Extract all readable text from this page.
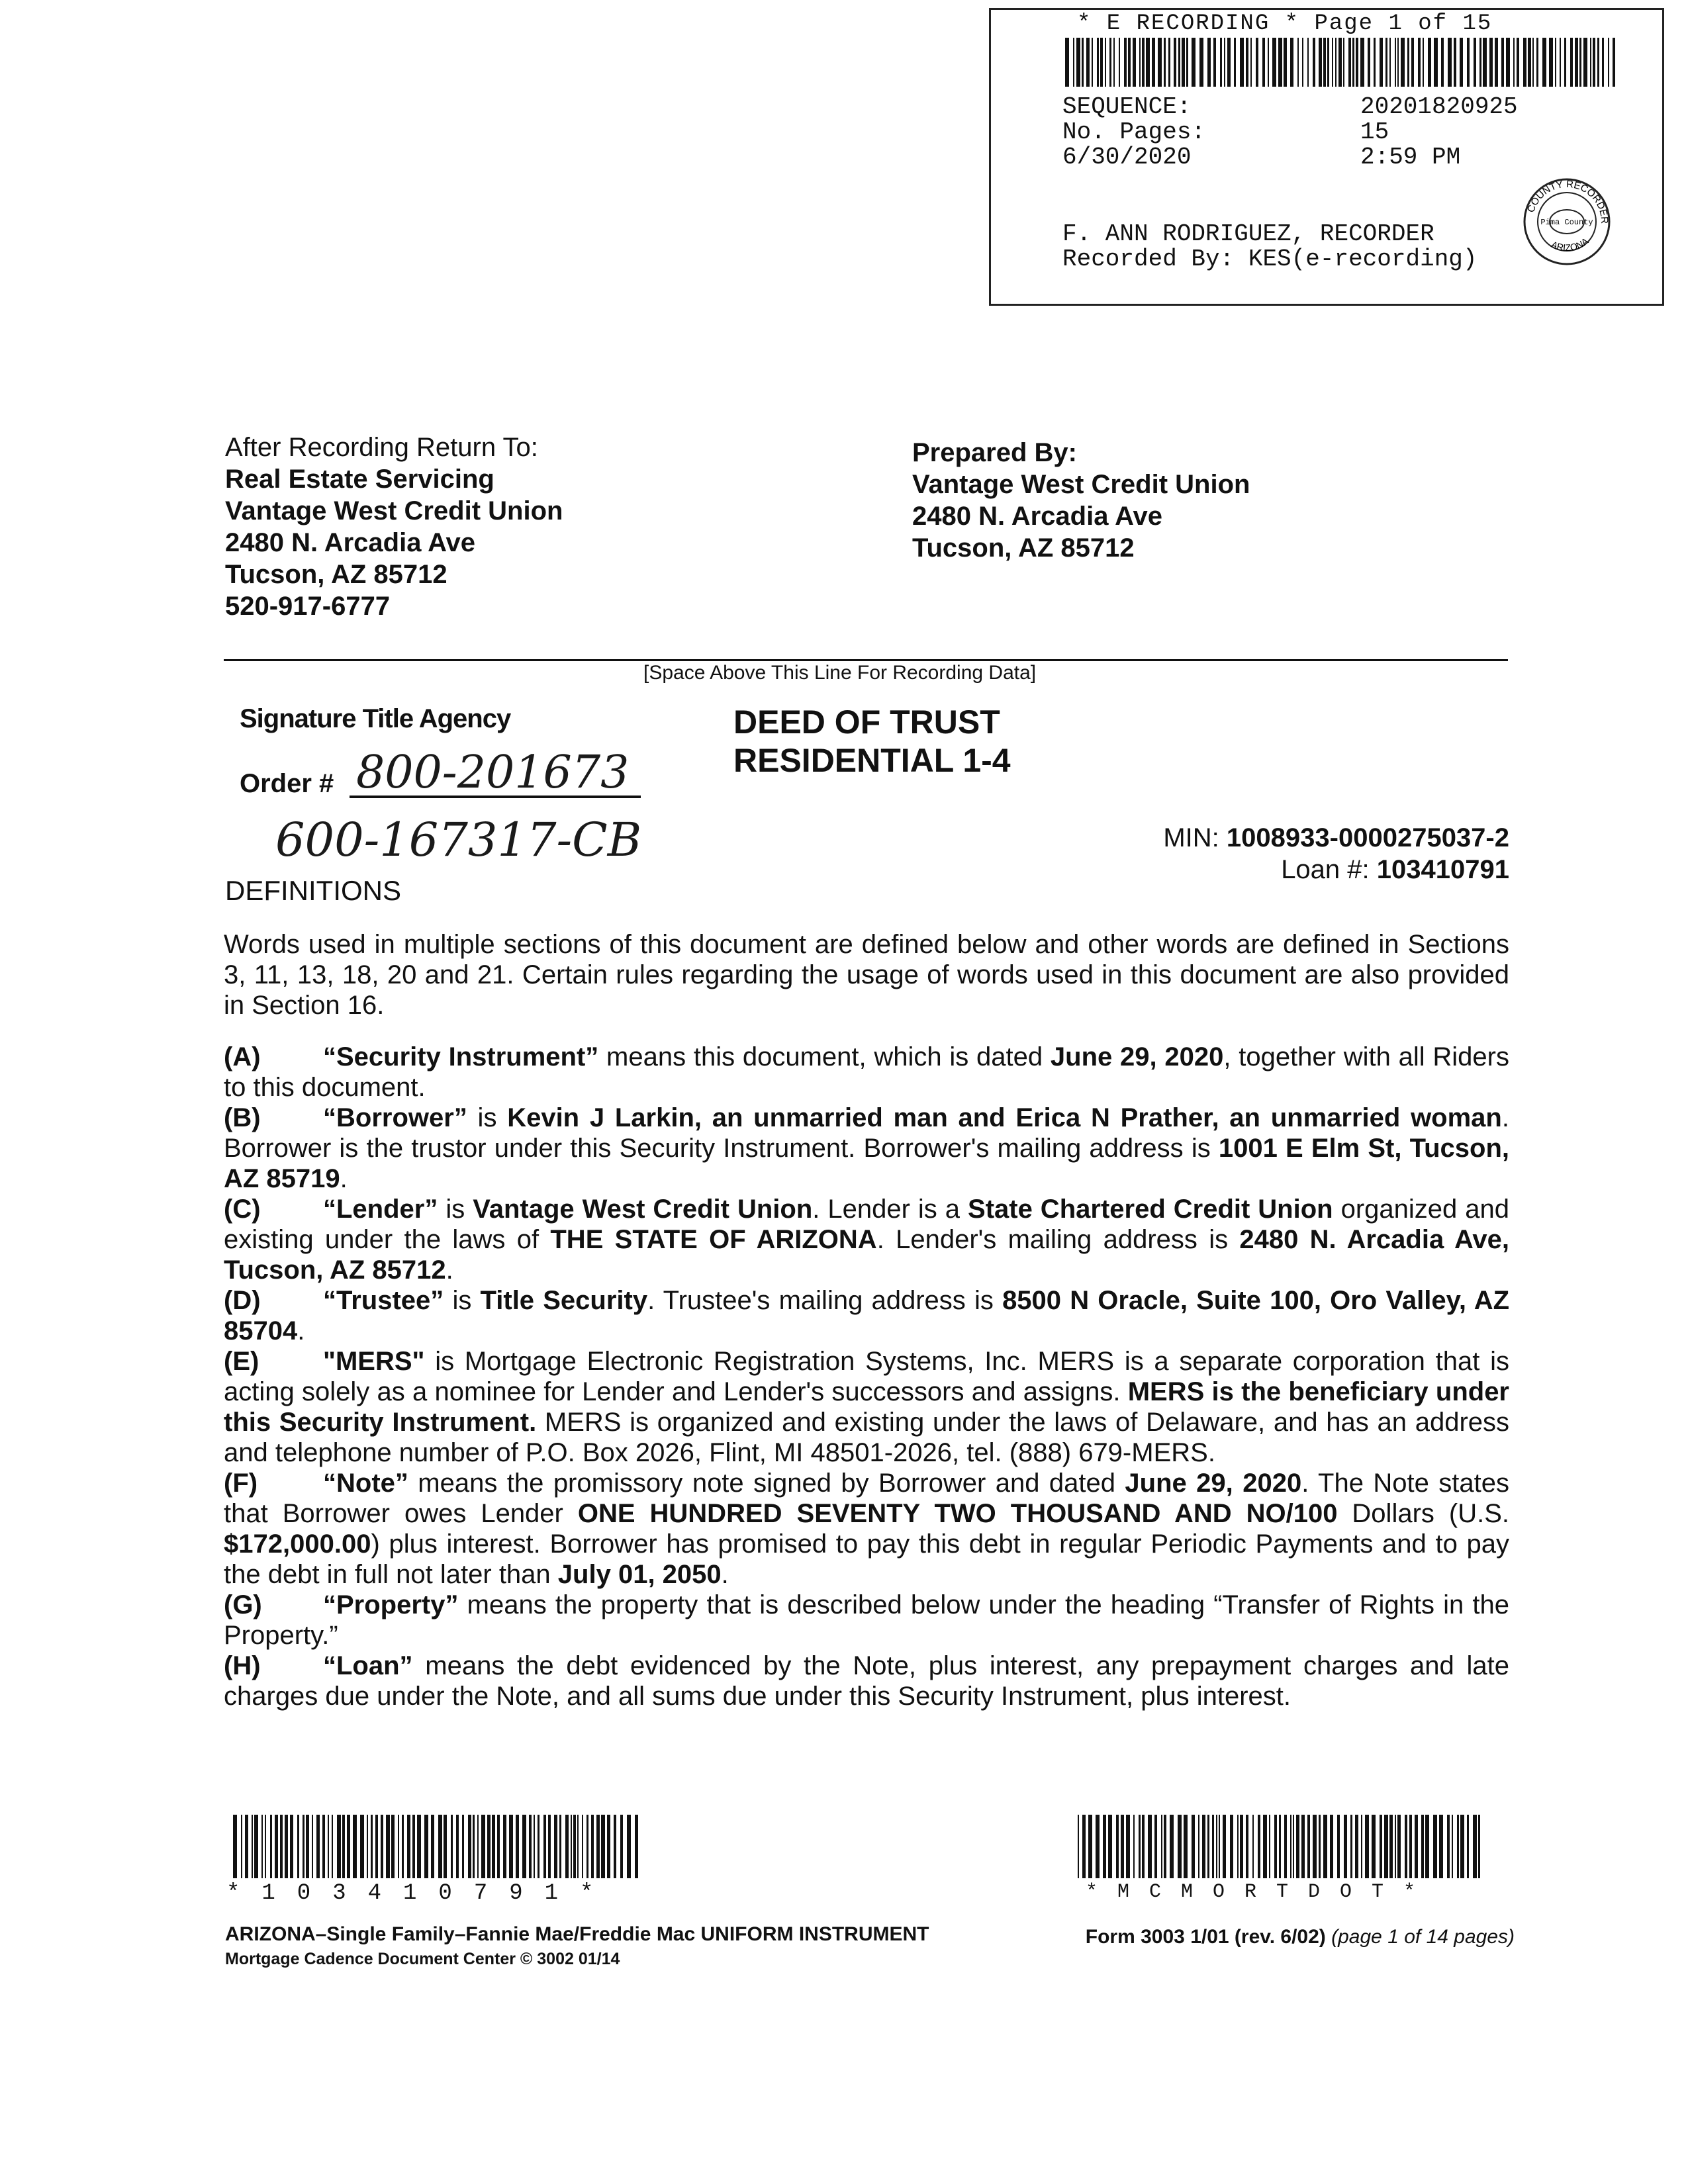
* E RECORDING * Page 1 of 15
SEQUENCE:	20201820925
No. Pages:	15
6/30/2020	2:59 PM
F. ANN RODRIGUEZ, RECORDER
Recorded By: KES(e-recording)
COUNTY RECORDER
ARIZONA
Pima County
After Recording Return To:
Real Estate Servicing
Vantage West Credit Union
2480 N. Arcadia Ave
Tucson, AZ 85712
520-917-6777
Prepared By:
Vantage West Credit Union
2480 N. Arcadia Ave
Tucson, AZ 85712
[Space Above This Line For Recording Data]
Signature Title Agency
Order # 800-201673
600-167317-CB
DEED OF TRUST
RESIDENTIAL 1-4
MIN: 1008933-0000275037-2
Loan #: 103410791
DEFINITIONS
Words used in multiple sections of this document are defined below and other words are defined in Sections 3, 11, 13, 18, 20 and 21. Certain rules regarding the usage of words used in this document are also provided in Section 16.

(A) “Security Instrument” means this document, which is dated June 29, 2020, together with all Riders to this document.

(B) “Borrower” is Kevin J Larkin, an unmarried man and Erica N Prather, an unmarried woman. Borrower is the trustor under this Security Instrument. Borrower's mailing address is 1001 E Elm St, Tucson, AZ 85719.

(C) “Lender” is Vantage West Credit Union. Lender is a State Chartered Credit Union organized and existing under the laws of THE STATE OF ARIZONA. Lender's mailing address is 2480 N. Arcadia Ave, Tucson, AZ 85712.

(D) “Trustee” is Title Security. Trustee's mailing address is 8500 N Oracle, Suite 100, Oro Valley, AZ 85704.

(E) "MERS" is Mortgage Electronic Registration Systems, Inc. MERS is a separate corporation that is acting solely as a nominee for Lender and Lender's successors and assigns. MERS is the beneficiary under this Security Instrument. MERS is organized and existing under the laws of Delaware, and has an address and telephone number of P.O. Box 2026, Flint, MI 48501-2026, tel. (888) 679-MERS.

(F) “Note” means the promissory note signed by Borrower and dated June 29, 2020. The Note states that Borrower owes Lender ONE HUNDRED SEVENTY TWO THOUSAND AND NO/100 Dollars (U.S. $172,000.00) plus interest. Borrower has promised to pay this debt in regular Periodic Payments and to pay the debt in full not later than July 01, 2050.

(G) “Property” means the property that is described below under the heading “Transfer of Rights in the Property.”

(H) “Loan” means the debt evidenced by the Note, plus interest, any prepayment charges and late charges due under the Note, and all sums due under this Security Instrument, plus interest.

*103410791*	*MCMORTDOT*
ARIZONA–Single Family–Fannie Mae/Freddie Mac UNIFORM INSTRUMENT
Mortgage Cadence Document Center © 3002 01/14
Form 3003 1/01 (rev. 6/02) (page 1 of 14 pages)
